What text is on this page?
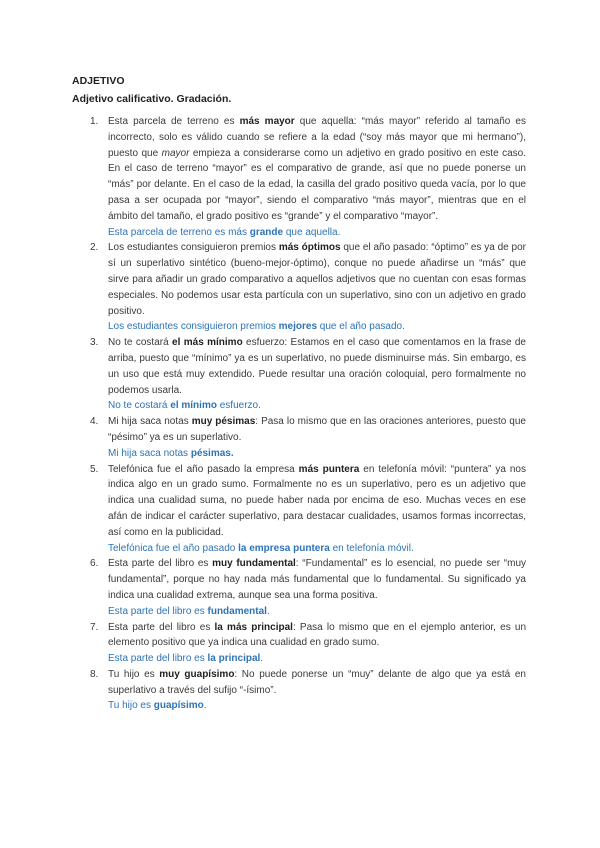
ADJETIVO
Adjetivo calificativo. Gradación.
1. Esta parcela de terreno es más mayor que aquella: “más mayor” referido al tamaño es incorrecto, solo es válido cuando se refiere a la edad (“soy más mayor que mi hermano”), puesto que mayor empieza a considerarse como un adjetivo en grado positivo en este caso. En el caso de terreno “mayor” es el comparativo de grande, así que no puede ponerse un “más” por delante. En el caso de la edad, la casilla del grado positivo queda vacía, por lo que pasa a ser ocupada por “mayor”, siendo el comparativo “más mayor”, mientras que en el ámbito del tamaño, el grado positivo es “grande” y el comparativo “mayor”.
Esta parcela de terreno es más grande que aquella.
2. Los estudiantes consiguieron premios más óptimos que el año pasado: “óptimo” es ya de por sí un superlativo sintético (bueno-mejor-óptimo), conque no puede añadirse un “más” que sirve para añadir un grado comparativo a aquellos adjetivos que no cuentan con esas formas especiales. No podemos usar esta partícula con un superlativo, sino con un adjetivo en grado positivo.
Los estudiantes consiguieron premios mejores que el año pasado.
3. No te costará el más mínimo esfuerzo: Estamos en el caso que comentamos en la frase de arriba, puesto que “mínimo” ya es un superlativo, no puede disminuirse más. Sin embargo, es un uso que está muy extendido. Puede resultar una oración coloquial, pero formalmente no podemos usarla.
No te costará el mínimo esfuerzo.
4. Mi hija saca notas muy pésimas: Pasa lo mismo que en las oraciones anteriores, puesto que “pésimo” ya es un superlativo.
Mi hija saca notas pésimas.
5. Telefónica fue el año pasado la empresa más puntera en telefonía móvil: “puntera” ya nos indica algo en un grado sumo. Formalmente no es un superlativo, pero es un adjetivo que indica una cualidad suma, no puede haber nada por encima de eso. Muchas veces en ese afán de indicar el carácter superlativo, para destacar cualidades, usamos formas incorrectas, así como en la publicidad.
Telefónica fue el año pasado la empresa puntera en telefonía móvil.
6. Esta parte del libro es muy fundamental: “Fundamental” es lo esencial, no puede ser “muy fundamental”, porque no hay nada más fundamental que lo fundamental. Su significado ya indica una cualidad extrema, aunque sea una forma positiva.
Esta parte del libro es fundamental.
7. Esta parte del libro es la más principal: Pasa lo mismo que en el ejemplo anterior, es un elemento positivo que ya indica una cualidad en grado sumo.
Esta parte del libro es la principal.
8. Tu hijo es muy guapísimo: No puede ponerse un “muy” delante de algo que ya está en superlativo a través del sufijo “-ísimo”.
Tu hijo es guapísimo.
